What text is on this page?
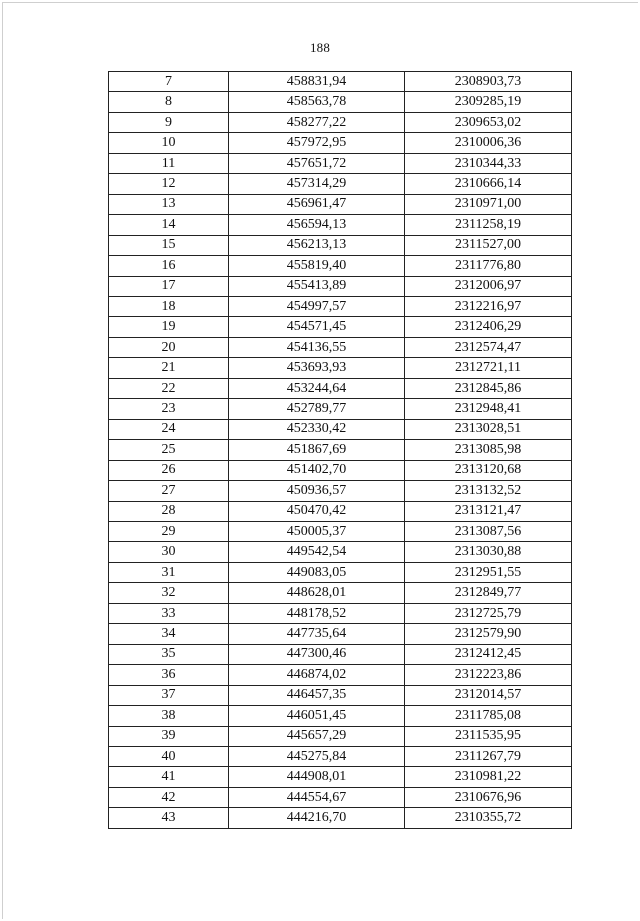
188
7	458831,94	2308903,73
8	458563,78	2309285,19
9	458277,22	2309653,02
10	457972,95	2310006,36
11	457651,72	2310344,33
12	457314,29	2310666,14
13	456961,47	2310971,00
14	456594,13	2311258,19
15	456213,13	2311527,00
16	455819,40	2311776,80
17	455413,89	2312006,97
18	454997,57	2312216,97
19	454571,45	2312406,29
20	454136,55	2312574,47
21	453693,93	2312721,11
22	453244,64	2312845,86
23	452789,77	2312948,41
24	452330,42	2313028,51
25	451867,69	2313085,98
26	451402,70	2313120,68
27	450936,57	2313132,52
28	450470,42	2313121,47
29	450005,37	2313087,56
30	449542,54	2313030,88
31	449083,05	2312951,55
32	448628,01	2312849,77
33	448178,52	2312725,79
34	447735,64	2312579,90
35	447300,46	2312412,45
36	446874,02	2312223,86
37	446457,35	2312014,57
38	446051,45	2311785,08
39	445657,29	2311535,95
40	445275,84	2311267,79
41	444908,01	2310981,22
42	444554,67	2310676,96
43	444216,70	2310355,72
